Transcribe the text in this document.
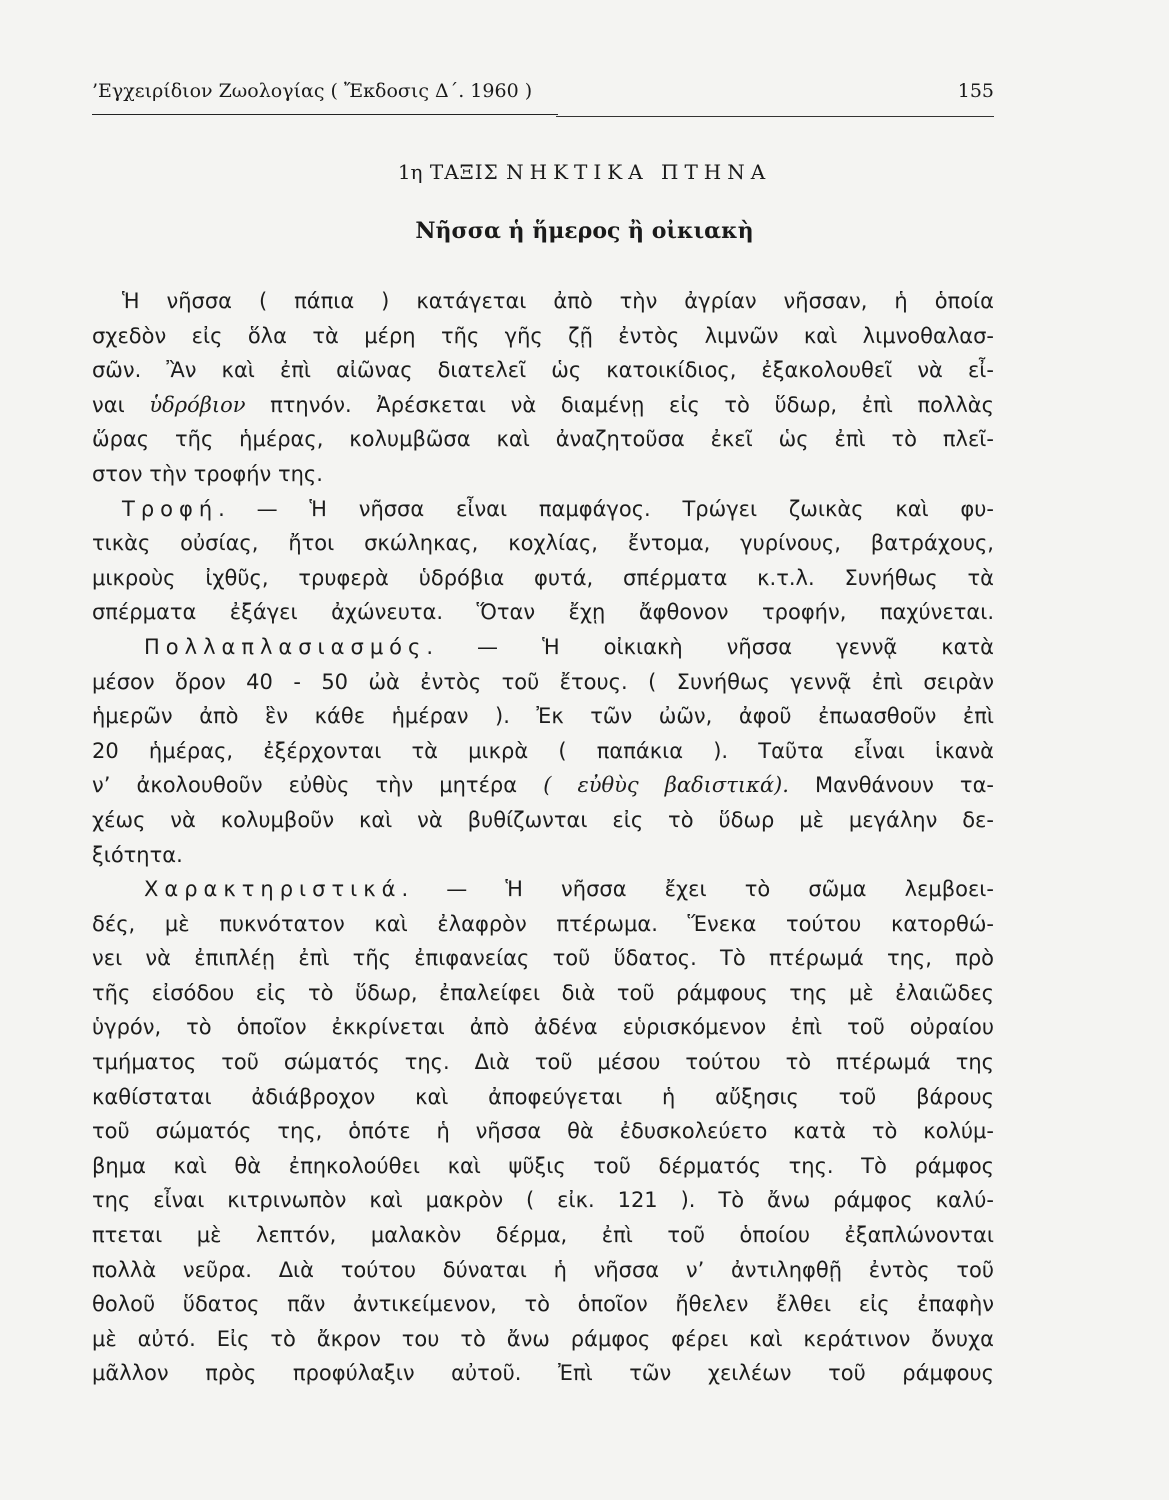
’Εγχειρίδιον Ζωολογίας ( Ἔκδοσις Δ΄. 1960 )	155
1η ΤΑΞΙΣ ΝΗΚΤΙΚΑ ΠΤΗΝΑ
Νῆσσα ἡ ἥμερος ἢ οἰκιακὴ
Ἡ νῆσσα ( πάπια ) κατάγεται ἀπὸ τὴν ἀγρίαν νῆσσαν, ἡ ὁποία
σχεδὸν εἰς ὅλα τὰ μέρη τῆς γῆς ζῇ ἐντὸς λιμνῶν καὶ λιμνοθαλασ-
σῶν. Ἂν καὶ ἐπὶ αἰῶνας διατελεῖ ὡς κατοικίδιος, ἐξακολουθεῖ νὰ εἶ-
ναι ὑδρόβιον πτηνόν. Ἀρέσκεται νὰ διαμένῃ εἰς τὸ ὕδωρ, ἐπὶ πολλὰς
ὥρας τῆς ἡμέρας, κολυμβῶσα καὶ ἀναζητοῦσα ἐκεῖ ὡς ἐπὶ τὸ πλεῖ-
στον τὴν τροφήν της.
Τροφή. — Ἡ νῆσσα εἶναι παμφάγος. Τρώγει ζωικὰς καὶ φυ-
τικὰς οὐσίας, ἤτοι σκώληκας, κοχλίας, ἔντομα, γυρίνους, βατράχους,
μικροὺς ἰχθῦς, τρυφερὰ ὑδρόβια φυτά, σπέρματα κ.τ.λ. Συνήθως τὰ
σπέρματα ἐξάγει ἀχώνευτα. Ὅταν ἔχῃ ἄφθονον τροφήν, παχύνεται.
Πολλαπλασιασμός. — Ἡ οἰκιακὴ νῆσσα γεννᾷ κατὰ
μέσον ὅρον 40 - 50 ὠὰ ἐντὸς τοῦ ἔτους. ( Συνήθως γεννᾷ ἐπὶ σειρὰν
ἡμερῶν ἀπὸ ἓν κάθε ἡμέραν ). Ἐκ τῶν ὠῶν, ἀφοῦ ἐπωασθοῦν ἐπὶ
20 ἡμέρας, ἐξέρχονται τὰ μικρὰ ( παπάκια ). Ταῦτα εἶναι ἱκανὰ
ν’ ἀκολουθοῦν εὐθὺς τὴν μητέρα ( εὐθὺς βαδιστικά). Μανθάνουν τα-
χέως νὰ κολυμβοῦν καὶ νὰ βυθίζωνται εἰς τὸ ὕδωρ μὲ μεγάλην δε-
ξιότητα.
Χαρακτηριστικά. — Ἡ νῆσσα ἔχει τὸ σῶμα λεμβοει-
δές, μὲ πυκνότατον καὶ ἐλαφρὸν πτέρωμα. Ἕνεκα τούτου κατορθώ-
νει νὰ ἐπιπλέῃ ἐπὶ τῆς ἐπιφανείας τοῦ ὕδατος. Τὸ πτέρωμά της, πρὸ
τῆς εἰσόδου εἰς τὸ ὕδωρ, ἐπαλείφει διὰ τοῦ ράμφους της μὲ ἐλαιῶδες
ὑγρόν, τὸ ὁποῖον ἐκκρίνεται ἀπὸ ἀδένα εὑρισκόμενον ἐπὶ τοῦ οὐραίου
τμήματος τοῦ σώματός της. Διὰ τοῦ μέσου τούτου τὸ πτέρωμά της
καθίσταται ἀδιάβροχον καὶ ἀποφεύγεται ἡ αὔξησις τοῦ βάρους
τοῦ σώματός της, ὁπότε ἡ νῆσσα θὰ ἐδυσκολεύετο κατὰ τὸ κολύμ-
βημα καὶ θὰ ἐπηκολούθει καὶ ψῦξις τοῦ δέρματός της. Τὸ ράμφος
της εἶναι κιτρινωπὸν καὶ μακρὸν ( εἰκ. 121 ). Τὸ ἄνω ράμφος καλύ-
πτεται μὲ λεπτόν, μαλακὸν δέρμα, ἐπὶ τοῦ ὁποίου ἐξαπλώνονται
πολλὰ νεῦρα. Διὰ τούτου δύναται ἡ νῆσσα ν’ ἀντιληφθῇ ἐντὸς τοῦ
θολοῦ ὕδατος πᾶν ἀντικείμενον, τὸ ὁποῖον ἤθελεν ἔλθει εἰς ἐπαφὴν
μὲ αὐτό. Εἰς τὸ ἄκρον του τὸ ἄνω ράμφος φέρει καὶ κεράτινον ὄνυχα
μᾶλλον πρὸς προφύλαξιν αὐτοῦ. Ἐπὶ τῶν χειλέων τοῦ ράμφους
